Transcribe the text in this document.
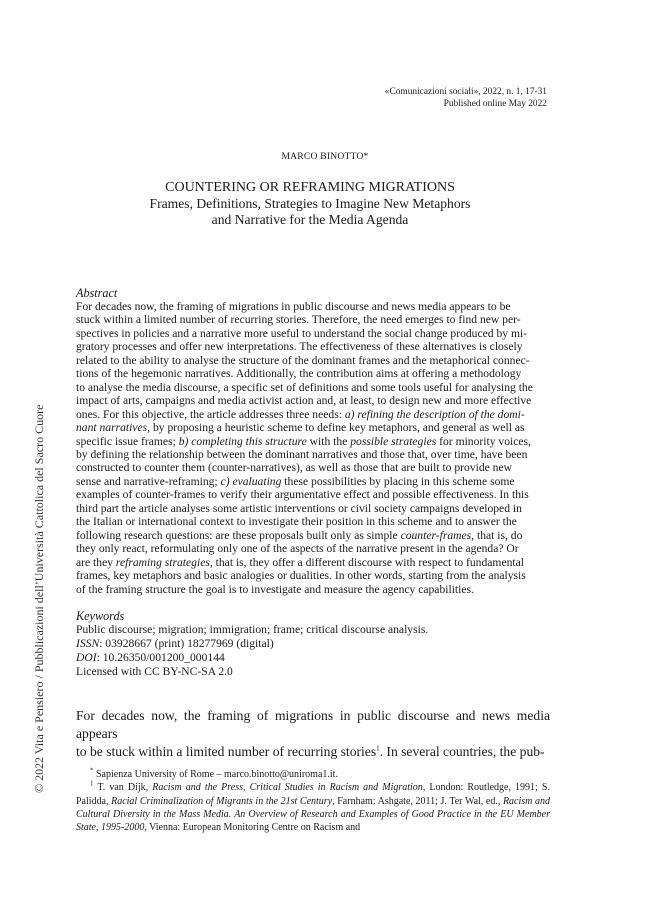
© 2022 Vita e Pensiero / Pubblicazioni dell’Università Cattolica del Sacro Cuore
«Comunicazioni sociali», 2022, n. 1, 17-31
Published online May 2022
MARCO BINOTTO*
COUNTERING OR REFRAMING MIGRATIONS
Frames, Definitions, Strategies to Imagine New Metaphors
and Narrative for the Media Agenda
Abstract
For decades now, the framing of migrations in public discourse and news media appears to be
stuck within a limited number of recurring stories. Therefore, the need emerges to find new per-
spectives in policies and a narrative more useful to understand the social change produced by mi-
gratory processes and offer new interpretations. The effectiveness of these alternatives is closely
related to the ability to analyse the structure of the dominant frames and the metaphorical connec-
tions of the hegemonic narratives. Additionally, the contribution aims at offering a methodology
to analyse the media discourse, a specific set of definitions and some tools useful for analysing the
impact of arts, campaigns and media activist action and, at least, to design new and more effective
ones. For this objective, the article addresses three needs: a) refining the description of the domi-
nant narratives, by proposing a heuristic scheme to define key metaphors, and general as well as
specific issue frames; b) completing this structure with the possible strategies for minority voices,
by defining the relationship between the dominant narratives and those that, over time, have been
constructed to counter them (counter-narratives), as well as those that are built to provide new
sense and narrative-reframing; c) evaluating these possibilities by placing in this scheme some
examples of counter-frames to verify their argumentative effect and possible effectiveness. In this
third part the article analyses some artistic interventions or civil society campaigns developed in
the Italian or international context to investigate their position in this scheme and to answer the
following research questions: are these proposals built only as simple counter-frames, that is, do
they only react, reformulating only one of the aspects of the narrative present in the agenda? Or
are they reframing strategies, that is, they offer a different discourse with respect to fundamental
frames, key metaphors and basic analogies or dualities. In other words, starting from the analysis
of the framing structure the goal is to investigate and measure the agency capabilities.
Keywords
Public discourse; migration; immigration; frame; critical discourse analysis.
ISSN: 03928667 (print) 18277969 (digital)
DOI: 10.26350/001200_000144
Licensed with CC BY-NC-SA 2.0
For decades now, the framing of migrations in public discourse and news media appears
to be stuck within a limited number of recurring stories$^1$. In several countries, the pub-
* Sapienza University of Rome – marco.binotto@uniroma1.it.
$^1$ T. van Dijk, Racism and the Press, Critical Studies in Racism and Migration, London: Routledge, 1991; S. Palidda, Racial Criminalization of Migrants in the 21st Century, Farnham: Ashgate, 2011; J. Ter Wal, ed., Racism and Cultural Diversity in the Mass Media. An Overview of Research and Examples of Good Practice in the EU Member State, 1995-2000, Vienna: European Monitoring Centre on Racism and
